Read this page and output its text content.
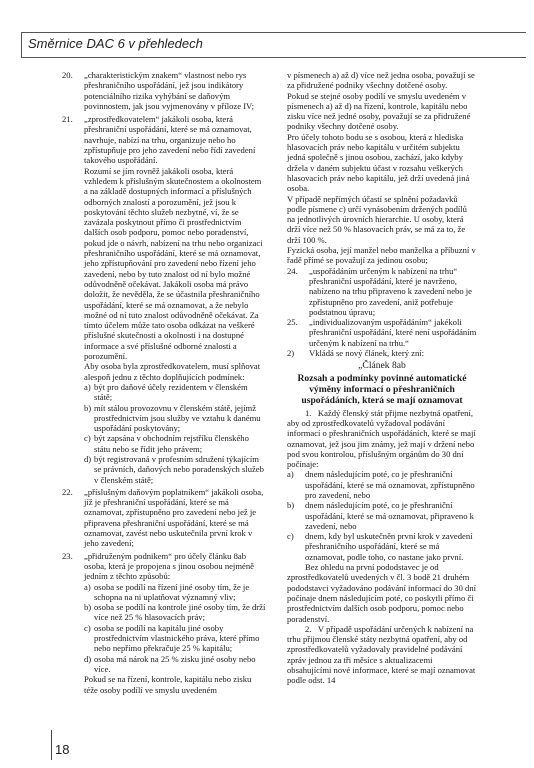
Směrnice DAC 6 v přehledech
20. „charakteristickým znakem“ vlastnost nebo rys přeshraničního uspořádání, jež jsou indikátory potenciálního rizika vyhýbání se daňovým povinnostem, jak jsou vyjmenovány v příloze IV;
21. „zprostředkovatelem“ jakákoli osoba, která přeshraniční uspořádání, které se má oznamovat, navrhuje, nabízí na trhu, organizuje nebo ho zpřístupňuje pro jeho zavedení nebo řídí zavedení takového uspořádání.
Rozumí se jím rovněž jakákoli osoba, která vzhledem k příslušným skutečnostem a okolnostem a na základě dostupných informací a příslušných odborných znalostí a porozumění, jež jsou k poskytování těchto služeb nezbytné, ví, že se zavázala poskytnout přímo či prostřednictvím dalších osob podporu, pomoc nebo poradenství, pokud jde o návrh, nabízení na trhu nebo organizaci přeshraničního uspořádání, které se má oznamovat, jeho zpřístupňování pro zavedení nebo řízení jeho zavedení, nebo by tuto znalost od ní bylo možné odůvodněně očekávat. Jakákoli osoba má právo doložit, že nevěděla, že se účastnila přeshraničního uspořádání, které se má oznamovat, a že nebylo možné od ní tuto znalost odůvodněně očekávat. Za tímto účelem může tato osoba odkázat na veškeré příslušné skutečnosti a okolnosti i na dostupné informace a své příslušné odborné znalosti a porozumění.
Aby osoba byla zprostředkovatelem, musí splňovat alespoň jednu z těchto doplňujících podmínek:
a) být pro daňové účely rezidentem v členském státě;
b) mít stálou provozovnu v členském státě, jejímž prostřednictvím jsou služby ve vztahu k danému uspořádání poskytovány;
c) být zapsána v obchodním rejstříku členského státu nebo se řídit jeho právem;
d) být registrovaná v profesním sdružení týkajícím se právních, daňových nebo poradenských služeb v členském státě;
22. „příslušným daňovým poplatníkem“ jakákoli osoba, jíž je přeshraniční uspořádání, které se má oznamovat, zpřístupněno pro zavedení nebo jež je připravena přeshraniční uspořádání, které se má oznamovat, zavést nebo uskutečnila první krok v jeho zavedení;
23. „přidruženým podnikem“ pro účely článku 8ab osoba, která je propojena s jinou osobou nejméně jedním z těchto způsobů:
a) osoba se podílí na řízení jiné osoby tím, že je schopna na ni uplatňovat významný vliv;
b) osoba se podílí na kontrole jiné osoby tím, že drží více než 25 % hlasovacích práv;
c) osoba se podílí na kapitálu jiné osoby prostřednictvím vlastnického práva, které přímo nebo nepřímo překračuje 25 % kapitálu;
d) osoba má nárok na 25 % zisku jiné osoby nebo více.
Pokud se na řízení, kontrole, kapitálu nebo zisku téže osoby podílí ve smyslu uvedeném
v písmenech a) až d) více než jedna osoba, považují se za přidružené podniky všechny dotčené osoby.
Pokud se stejné osoby podílí ve smyslu uvedeném v písmenech a) až d) na řízení, kontrole, kapitálu nebo zisku více než jedné osoby, považují se za přidružené podniky všechny dotčené osoby.
Pro účely tohoto bodu se s osobou, která z hlediska hlasovacích práv nebo kapitálu v určitém subjektu jedná společně s jinou osobou, zachází, jako kdyby držela v daném subjektu účast v rozsahu veškerých hlasovacích práv nebo kapitálu, jež drží uvedená jiná osoba.
V případě nepřímých účastí se splnění požadavků podle písmene c) určí vynásobením držených podílů na jednotlivých úrovních hierarchie. U osoby, která drží více než 50 % hlasovacích práv, se má za to, že drží 100 %.
Fyzická osoba, její manžel nebo manželka a příbuzní v řadě přímé se považují za jedinou osobu;
24. „uspořádáním určeným k nabízení na trhu“ přeshraniční uspořádání, které je navrženo, nabízeno na trhu připraveno k zavedení nebo je zpřístupněno pro zavedení, aniž potřebuje podstatnou úpravu;
25. „individualizovaným uspořádáním“ jakékoli přeshraniční uspořádání, které není uspořádáním určeným k nabízení na trhu.“
2) Vkládá se nový článek, který zní:
„Článek 8ab
Rozsah a podmínky povinné automatické výměny informací o přeshraničních uspořádáních, která se mají oznamovat
1. Každý členský stát přijme nezbytná opatření, aby od zprostředkovatelů vyžadoval podávání informací o přeshraničních uspořádáních, které se mají oznamovat, jež jsou jim známy, jež mají v držení nebo pod svou kontrolou, příslušným orgánům do 30 dní počínaje:
a)	dnem následujícím poté, co je přeshraniční uspořádání, které se má oznamovat, zpřístupněno pro zavedení, nebo
b)	dnem následujícím poté, co je přeshraniční uspořádání, které se má oznamovat, připraveno k zavedení, nebo
c)	dnem, kdy byl uskutečněn první krok v zavedení přeshraničního uspořádání, které se má oznamovat, podle toho, co nastane jako první.
Bez ohledu na první pododstavec je od zprostředkovatelů uvedených v čl. 3 bodě 21 druhém pododstavci vyžadováno podávání informací do 30 dní počínaje dnem následujícím poté, co poskytli přímo či prostřednictvím dalších osob podporu, pomoc nebo poradenství.
2. V případě uspořádání určených k nabízení na trhu přijmou členské státy nezbytná opatření, aby od zprostředkovatelů vyžadovaly pravidelné podávání zpráv jednou za tři měsíce s aktualizacemi obsahujícími nové informace, které se mají oznamovat podle odst. 14
18
